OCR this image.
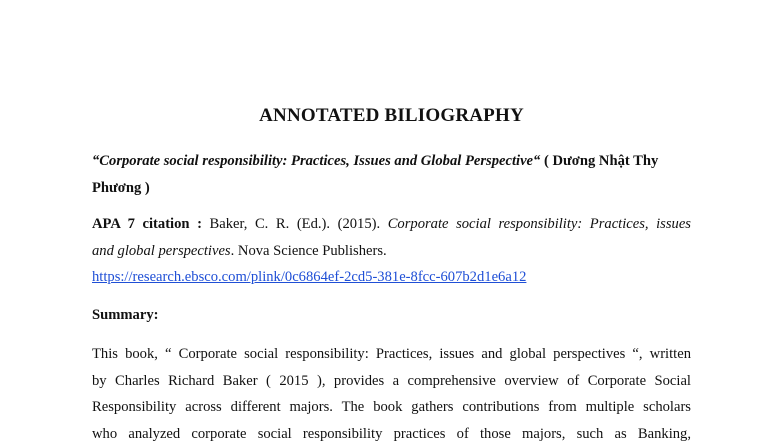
ANNOTATED BILIOGRAPHY
“Corporate social responsibility: Practices, Issues and Global Perspective“ ( Dương Nhật Thy
Phương )
APA 7 citation : Baker, C. R. (Ed.). (2015). Corporate social responsibility: Practices, issues
and global perspectives. Nova Science Publishers.
https://research.ebsco.com/plink/0c6864ef-2cd5-381e-8fcc-607b2d1e6a12
Summary:
This book, “ Corporate social responsibility: Practices, issues and global perspectives “, written
by Charles Richard Baker ( 2015 ), provides a comprehensive overview of Corporate Social
Responsibility across different majors. The book gathers contributions from multiple scholars
who analyzed corporate social responsibility practices of those majors, such as Banking,
